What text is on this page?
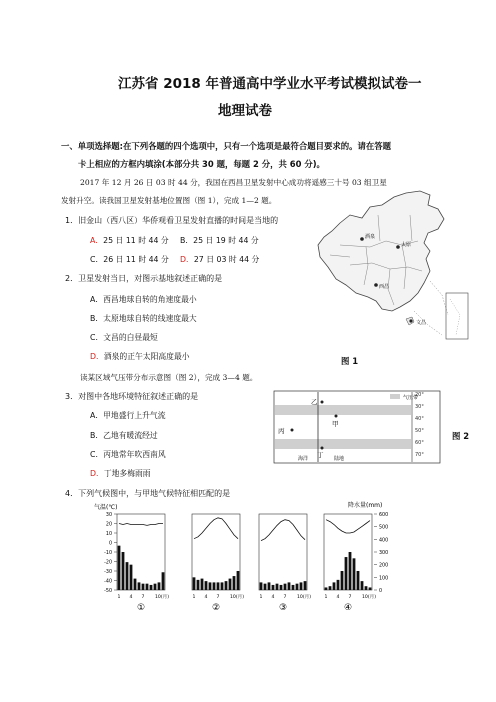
江苏省 2018 年普通高中学业水平考试模拟试卷一
地理试卷
一、单项选择题:在下列各题的四个选项中，只有一个选项是最符合题目要求的。请在答题
卡上相应的方框内填涂(本部分共 30 题，每题 2 分，共 60 分)。
2017 年 12 月 26 日 03 时 44 分，我国在西昌卫星发射中心成功将遥感三十号 03 组卫星
发射升空。读我国卫星发射基地位置图（图 1），完成 1—2 题。
1．旧金山（西八区）华侨观看卫星发射直播的时间是当地的
A．25 日 11 时 44 分 B．25 日 19 时 44 分
C．26 日 11 时 44 分 D．27 日 03 时 44 分
2．卫星发射当日，对图示基地叙述正确的是
A．西昌地球自转的角速度最小
B．太原地球自转的线速度最大
C．文昌的白昼最短
D．酒泉的正午太阳高度最小
酒泉
太原
西昌
文昌
图 1
读某区域气压带分布示意图（图 2），完成 3—4 题。
3．对图中各地环境特征叙述正确的是
A．甲地盛行上升气流
B．乙地有暖流经过
C．丙地常年吹西南风
D．丁地多梅雨雨
气压带
20°
30°
40°
50°
60°
70°
乙
甲
丙
丁
海洋	陆地
图 2
4．下列气候图中，与甲地气候特征相匹配的是
气温(℃)	降水量(mm)
30
20
10
0
-10
-20
-30
-40
-50
600
500
400
300
200
100
0
1 4 7 10(月)
①
1 4 7 10(月)
②
1 4 7 10(月)
③
1 4 7 10(月)
④
